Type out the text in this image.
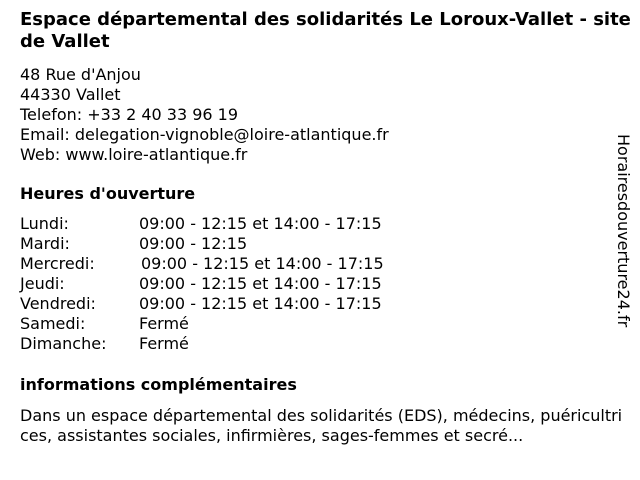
Espace départemental des solidarités Le Loroux-Vallet - site de Vallet
48 Rue d'Anjou
44330 Vallet
Telefon: +33 2 40 33 96 19
Email: delegation-vignoble@loire-atlantique.fr
Web: www.loire-atlantique.fr
Heures d'ouverture
Lundi:	09:00 - 12:15 et 14:00 - 17:15
Mardi:	09:00 - 12:15
Mercredi:	09:00 - 12:15 et 14:00 - 17:15
Jeudi:	09:00 - 12:15 et 14:00 - 17:15
Vendredi:	09:00 - 12:15 et 14:00 - 17:15
Samedi:	Fermé
Dimanche:	Fermé
informations complémentaires
Dans un espace départemental des solidarités (EDS), médecins, puéricultrices, assistantes sociales, infirmières, sages-femmes et secré...
Horairesdouverture24.fr
